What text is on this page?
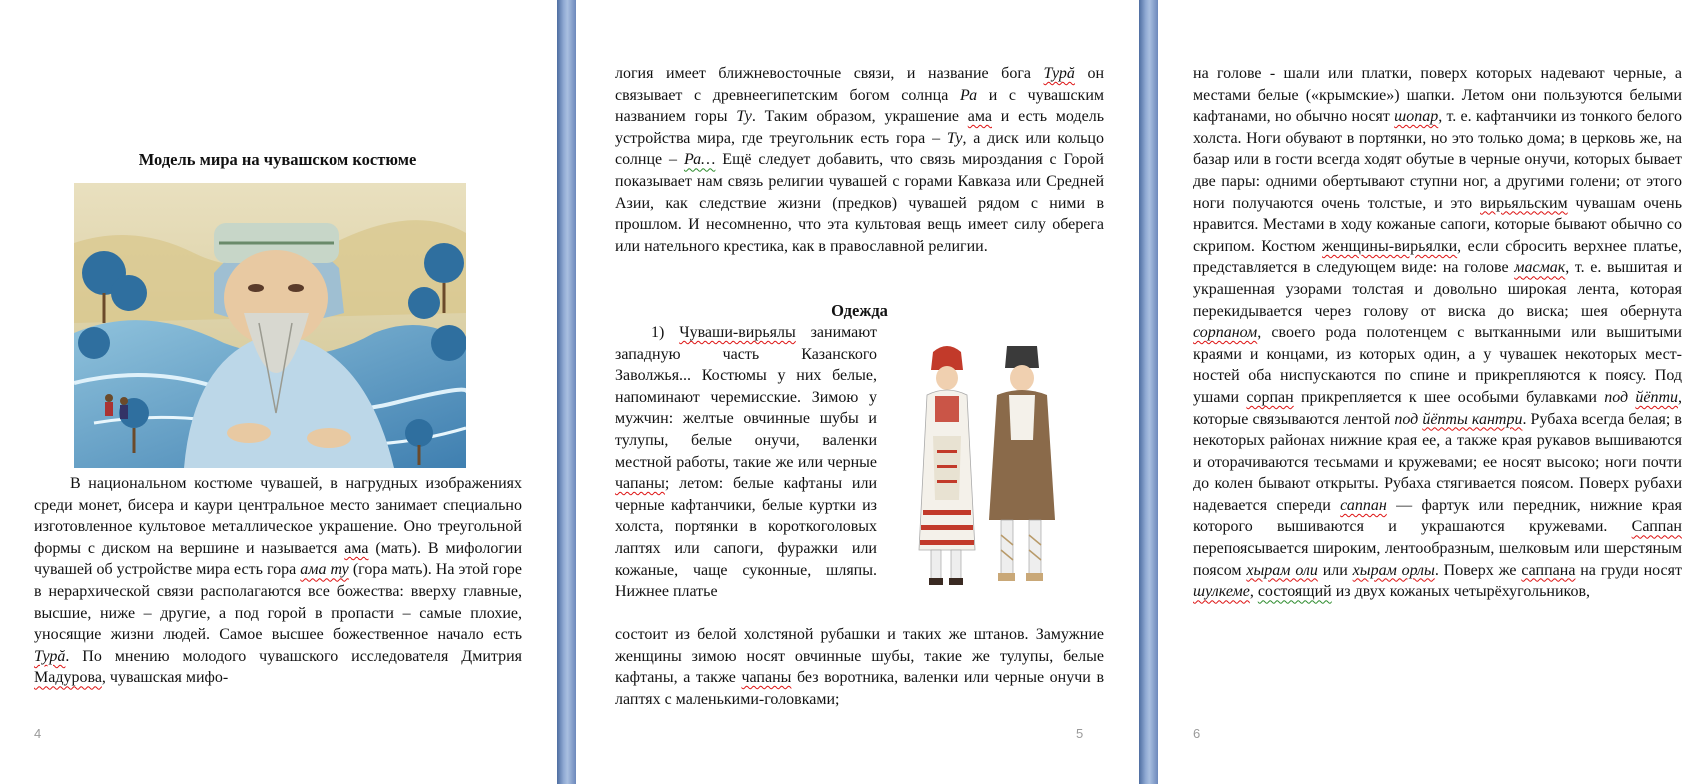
Модель мира на чувашском костюме
В национальном костюме чувашей, в нагрудных изображениях среди монет, бисера и каури центральное место занимает специально изготовленное культовое металлическое украшение. Оно треугольной формы с диском на вершине и называется ама (мать). В мифологии чувашей об устройстве мира есть гора ама ту (гора мать). На этой горе в нерархической связи располагаются все божества: вверху главные, высшие, ниже – другие, а под горой в пропасти – самые плохие, уносящие жизни людей. Самое высшее божественное начало есть Турă. По мнению молодого чувашского исследователя Дмитрия Мадурова, чувашская мифо-
4
логия имеет ближневосточные связи, и название бога Турă он связывает с древнеегипетским богом солнца Ра и с чувашским названием горы Ту. Таким образом, украшение ама и есть модель устройства мира, где треугольник есть гора – Ту, а диск или кольцо солнце – Ра… Ещё следует добавить, что связь мироздания с Горой показывает нам связь религии чувашей с горами Кавказа или Средней Азии, как следствие жизни (предков) чувашей рядом с ними в прошлом. И несомненно, что эта культовая вещь имеет силу оберега или нательного крестика, как в православной религии.
Одежда
1) Чуваши-вирьялы занимают западную часть Казанского Заволжья... Костюмы у них белые, напоминают черемисские. Зимою у мужчин: желтые овчинные шубы и тулупы, белые онучи, валенки местной работы, такие же или черные чапаны; летом: белые кафтаны или черные кафтанчики, белые куртки из холста, портянки в короткоголовых лаптях или сапоги, фуражки или кожаные, чаще суконные, шляпы. Нижнее платье
состоит из белой холстяной рубашки и таких же штанов. Замужние женщины зимою носят овчинные шубы, такие же тулупы, белые кафтаны, а также чапаны без воротника, валенки или черные онучи в лаптях с маленькими-головками;
5
на голове - шали или платки, поверх которых надевают черные, а местами белые («крымские») шапки. Летом они пользуются белыми кафтанами, но обычно носят шопар, т. е. кафтанчики из тонкого белого холста. Ноги обувают в портянки, но это только дома; в церковь же, на базар или в гости всегда ходят обутые в черные онучи, которых бывает две пары: одними обертывают ступни ног, а другими голени; от этого ноги получаются очень толстые, и это вирьяльским чувашам очень нравится. Местами в ходу кожаные сапоги, которые бывают обычно со скрипом. Костюм женщины-вирьялки, если сбросить верхнее платье, представляется в следующем виде: на голове масмак, т. е. вышитая и украшенная узорами толстая и довольно широкая лента, которая перекидывается через голову от виска до виска; шея обернута сорпаном, своего рода полотенцем с вытканными или вышитыми краями и концами, из которых один, а у чувашек некоторых местностей оба ниспускаются по спине и прикрепляются к поясу. Под ушами сорпан прикрепляется к шее особыми булавками под йёпти, которые связываются лентой под йёпты кантри. Рубаха всегда белая; в некоторых районах нижние края ее, а также края рукавов вышиваются и оторачиваются тесьмами и кружевами; ее носят высоко; ноги почти до колен бывают открыты. Рубаха стягивается поясом. Поверх рубахи надевается спереди саппан — фартук или передник, нижние края которого вышиваются и украшаются кружевами. Саппан перепоясывается широким, лентообразным, шелковым или шерстяным поясом хырам оли или хырам орлы. Поверх же саппана на груди носят шулкеме, состоящий из двух кожаных четырёхугольников,
6
